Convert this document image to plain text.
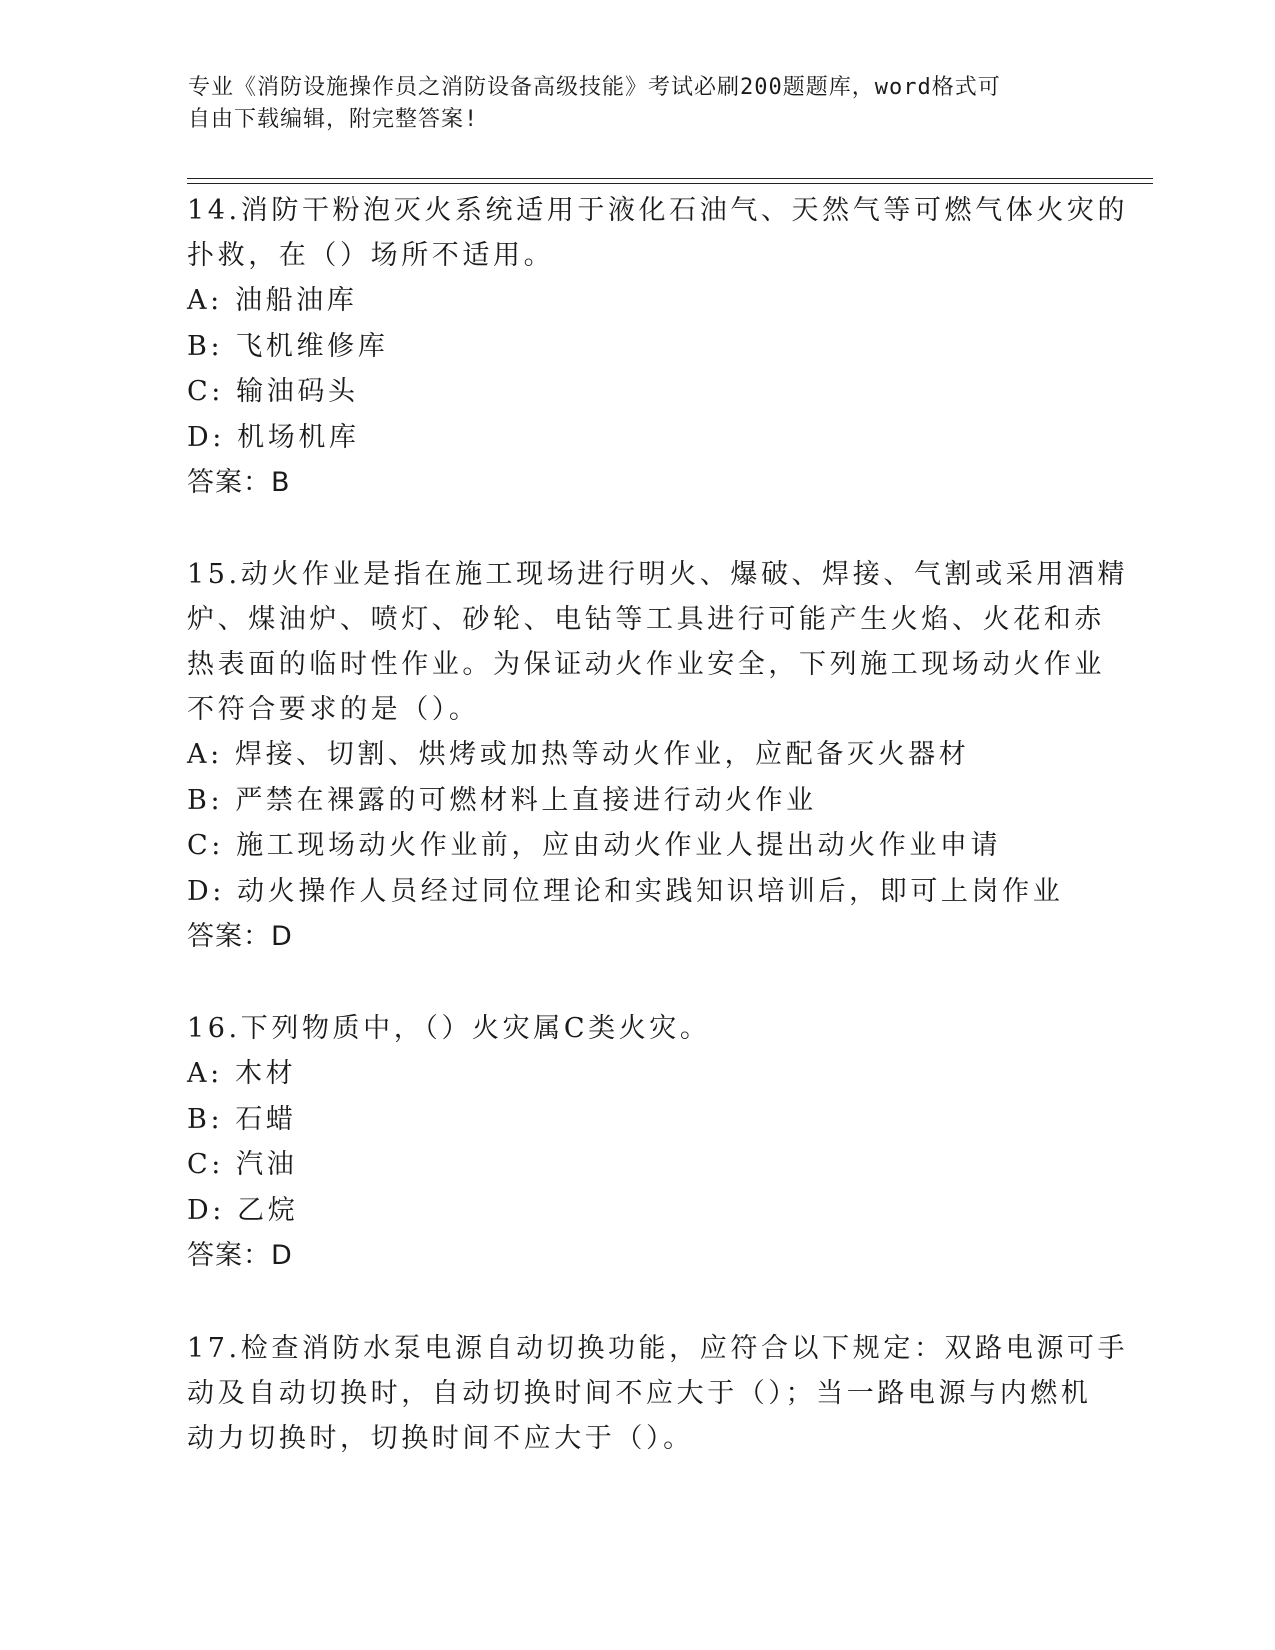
专业《消防设施操作员之消防设备高级技能》考试必刷200题题库，word格式可
自由下载编辑，附完整答案!
14.消防干粉泡灭火系统适用于液化石油气、天然气等可燃气体火灾的
扑救，在（）场所不适用。
A: 油船油库
B: 飞机维修库
C: 输油码头
D: 机场机库
答案：B
15.动火作业是指在施工现场进行明火、爆破、焊接、气割或采用酒精
炉、煤油炉、喷灯、砂轮、电钻等工具进行可能产生火焰、火花和赤
热表面的临时性作业。为保证动火作业安全，下列施工现场动火作业
不符合要求的是（）。
A: 焊接、切割、烘烤或加热等动火作业，应配备灭火器材
B: 严禁在裸露的可燃材料上直接进行动火作业
C: 施工现场动火作业前，应由动火作业人提出动火作业申请
D: 动火操作人员经过同位理论和实践知识培训后，即可上岗作业
答案：D
16.下列物质中，（）火灾属C类火灾。
A: 木材
B: 石蜡
C: 汽油
D: 乙烷
答案：D
17.检查消防水泵电源自动切换功能，应符合以下规定：双路电源可手
动及自动切换时，自动切换时间不应大于（）；当一路电源与内燃机
动力切换时，切换时间不应大于（）。
